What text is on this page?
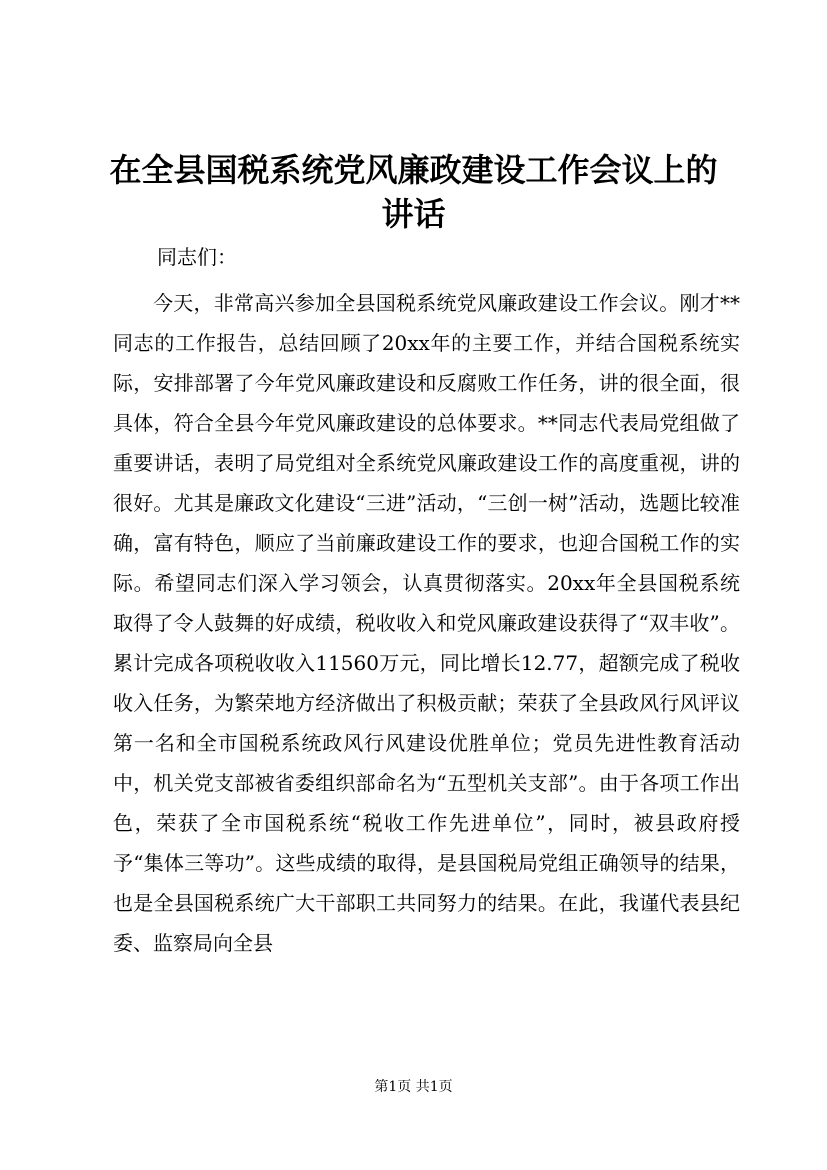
在全县国税系统党风廉政建设工作会议上的讲话
同志们：
今天，非常高兴参加全县国税系统党风廉政建设工作会议。刚才**同志的工作报告，总结回顾了20xx年的主要工作，并结合国税系统实际，安排部署了今年党风廉政建设和反腐败工作任务，讲的很全面，很具体，符合全县今年党风廉政建设的总体要求。**同志代表局党组做了重要讲话，表明了局党组对全系统党风廉政建设工作的高度重视，讲的很好。尤其是廉政文化建设“三进”活动，“三创一树”活动，选题比较准确，富有特色，顺应了当前廉政建设工作的要求，也迎合国税工作的实际。希望同志们深入学习领会，认真贯彻落实。20xx年全县国税系统取得了令人鼓舞的好成绩，税收收入和党风廉政建设获得了“双丰收”。累计完成各项税收收入11560万元，同比增长12.77，超额完成了税收收入任务，为繁荣地方经济做出了积极贡献；荣获了全县政风行风评议第一名和全市国税系统政风行风建设优胜单位；党员先进性教育活动中，机关党支部被省委组织部命名为“五型机关支部”。由于各项工作出色，荣获了全市国税系统“税收工作先进单位”，同时，被县政府授予“集体三等功”。这些成绩的取得，是县国税局党组正确领导的结果，也是全县国税系统广大干部职工共同努力的结果。在此，我谨代表县纪委、监察局向全县
第1页 共1页
